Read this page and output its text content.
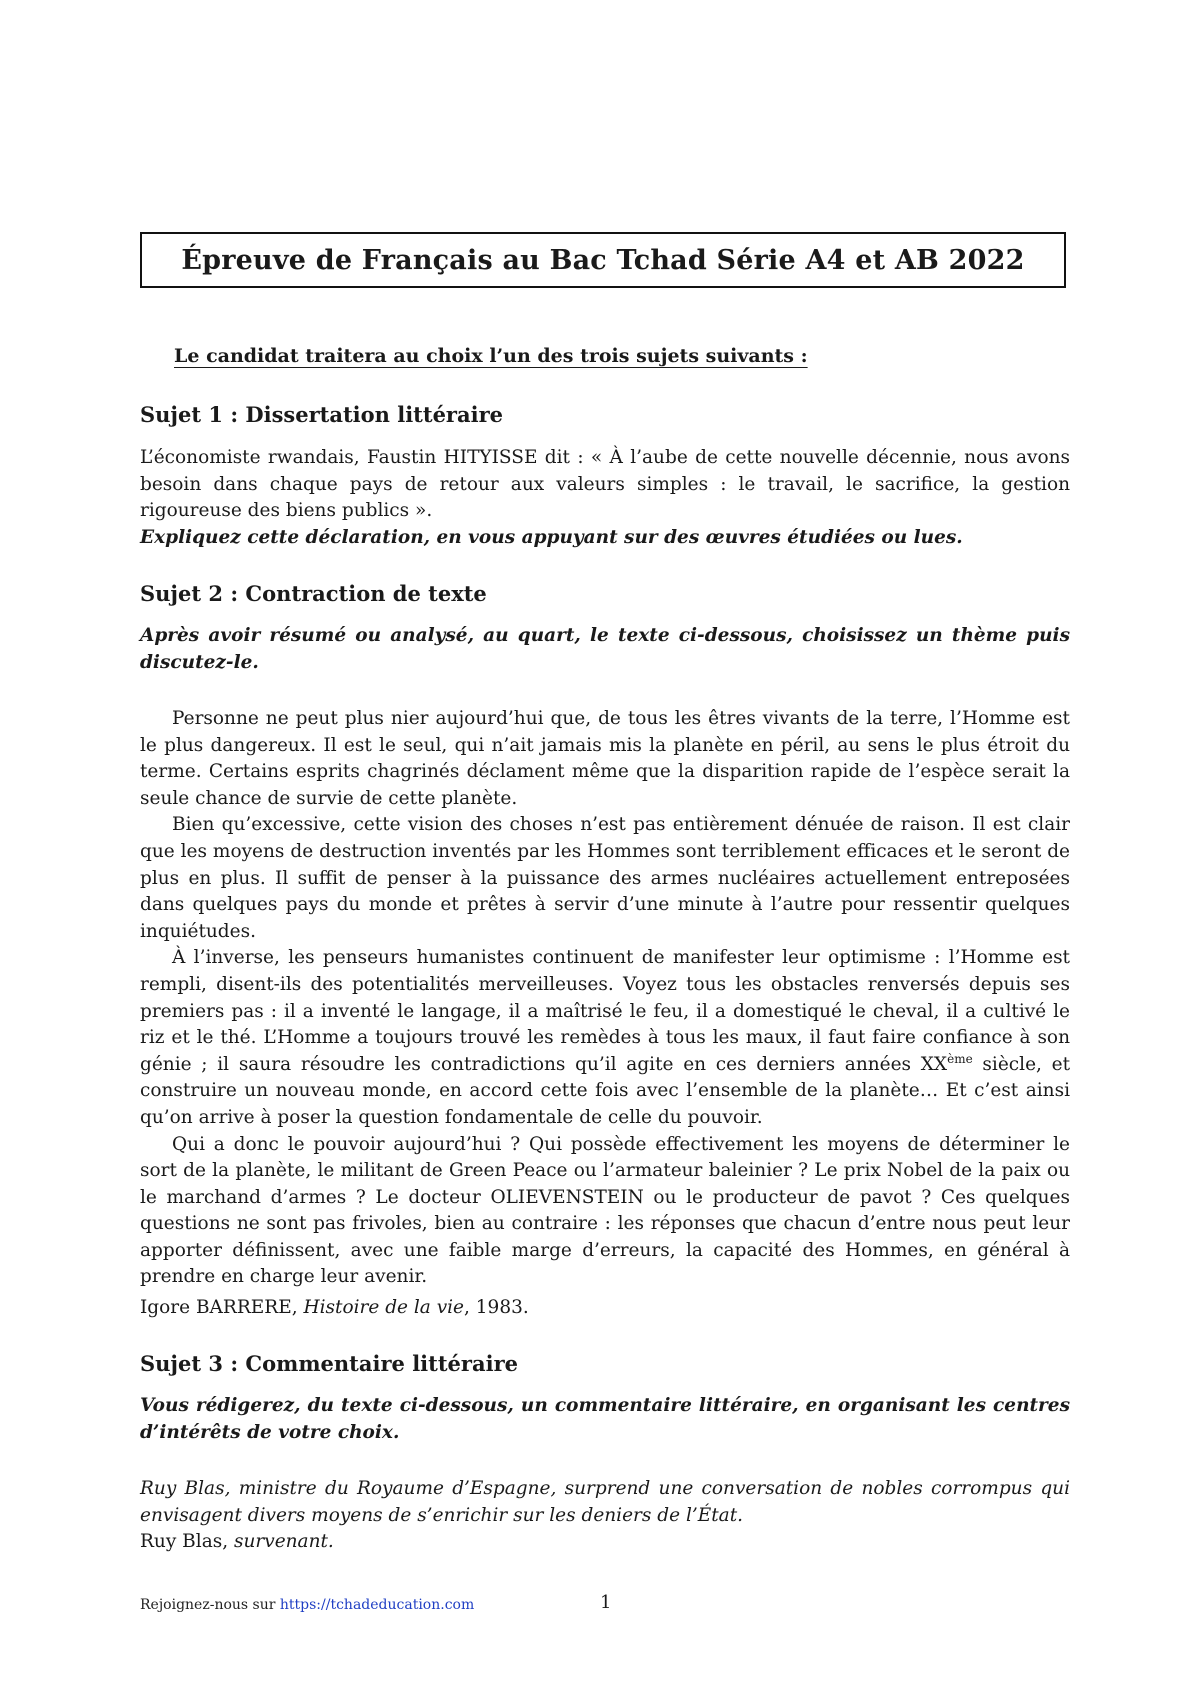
Épreuve de Français au Bac Tchad Série A4 et AB 2022
Le candidat traitera au choix l’un des trois sujets suivants :
Sujet 1 : Dissertation littéraire

L’économiste rwandais, Faustin HITYISSE dit : « À l’aube de cette nouvelle décennie, nous avons besoin dans chaque pays de retour aux valeurs simples : le travail, le sacrifice, la gestion rigoureuse des biens publics ».

Expliquez cette déclaration, en vous appuyant sur des œuvres étudiées ou lues.
Sujet 2 : Contraction de texte
Après avoir résumé ou analysé, au quart, le texte ci-dessous, choisissez un thème puis discutez-le.

Personne ne peut plus nier aujourd’hui que, de tous les êtres vivants de la terre, l’Homme est le plus dangereux. Il est le seul, qui n’ait jamais mis la planète en péril, au sens le plus étroit du terme. Certains esprits chagrinés déclament même que la disparition rapide de l’espèce serait la seule chance de survie de cette planète.

Bien qu’excessive, cette vision des choses n’est pas entièrement dénuée de raison. Il est clair que les moyens de destruction inventés par les Hommes sont terriblement efficaces et le seront de plus en plus. Il suffit de penser à la puissance des armes nucléaires actuellement entreposées dans quelques pays du monde et prêtes à servir d’une minute à l’autre pour ressentir quelques inquiétudes.

À l’inverse, les penseurs humanistes continuent de manifester leur optimisme : l’Homme est rempli, disent-ils des potentialités merveilleuses. Voyez tous les obstacles renversés depuis ses premiers pas : il a inventé le langage, il a maîtrisé le feu, il a domestiqué le cheval, il a cultivé le riz et le thé. L’Homme a toujours trouvé les remèdes à tous les maux, il faut faire confiance à son génie ; il saura résoudre les contradictions qu’il agite en ces derniers années XXème siècle, et construire un nouveau monde, en accord cette fois avec l’ensemble de la planète… Et c’est ainsi qu’on arrive à poser la question fondamentale de celle du pouvoir.

Qui a donc le pouvoir aujourd’hui ? Qui possède effectivement les moyens de déterminer le sort de la planète, le militant de Green Peace ou l’armateur baleinier ? Le prix Nobel de la paix ou le marchand d’armes ? Le docteur OLIEVENSTEIN ou le producteur de pavot ? Ces quelques questions ne sont pas frivoles, bien au contraire : les réponses que chacun d’entre nous peut leur apporter définissent, avec une faible marge d’erreurs, la capacité des Hommes, en général à prendre en charge leur avenir.

Igore BARRERE, Histoire de la vie, 1983.

Sujet 3 : Commentaire littéraire
Vous rédigerez, du texte ci-dessous, un commentaire littéraire, en organisant les centres d’intérêts de votre choix.

Ruy Blas, ministre du Royaume d’Espagne, surprend une conversation de nobles corrompus qui envisagent divers moyens de s’enrichir sur les deniers de l’État.

Ruy Blas, survenant.

Rejoignez-nous sur https://tchadeducation.com	1
